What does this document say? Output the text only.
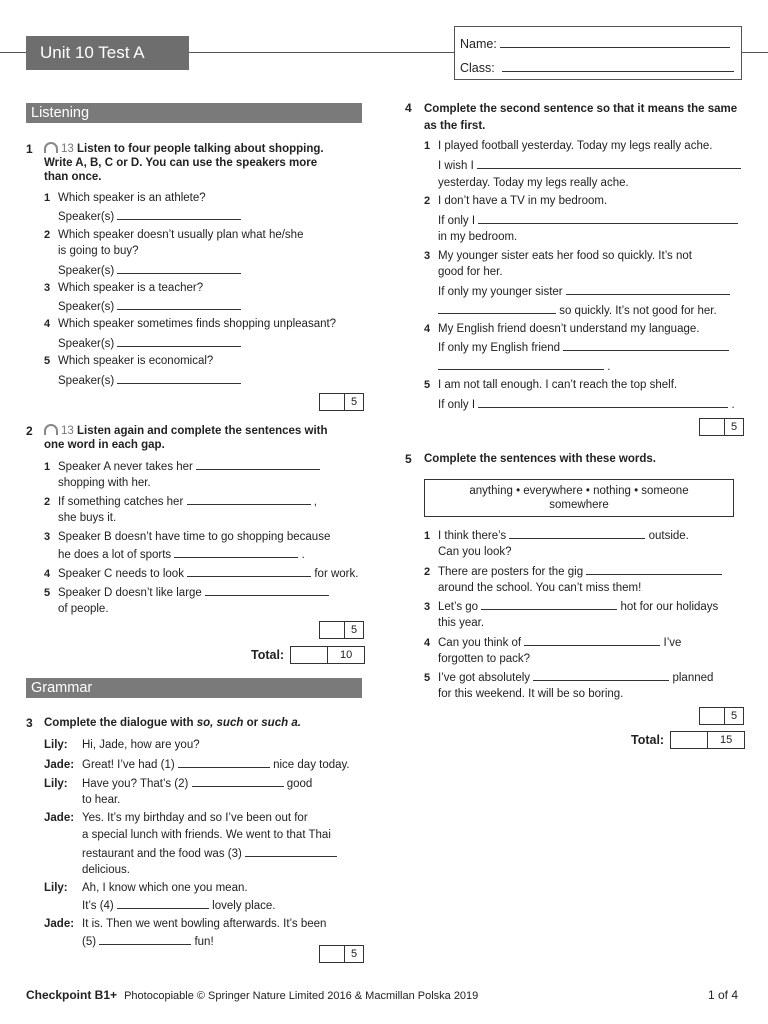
Unit 10 Test A	Name:
Class:
Listening
1	13 Listen to four people talking about shopping. Write A, B, C or D. You can use the speakers more than once.
1 Which speaker is an athlete?
Speaker(s)
2 Which speaker doesn’t usually plan what he/she
is going to buy?
Speaker(s)
3 Which speaker is a teacher?
Speaker(s)
4 Which speaker sometimes finds shopping unpleasant?
Speaker(s)
5 Which speaker is economical?
Speaker(s)
5
2	13 Listen again and complete the sentences with one word in each gap.
1 Speaker A never takes her
shopping with her.
2 If something catches her	,
she buys it.
3 Speaker B doesn’t have time to go shopping because
he does a lot of sports	.
4 Speaker C needs to look	for work.
5 Speaker D doesn’t like large
of people.
5
Total:	10
Grammar
3 Complete the dialogue with so, such or such a.
Lily: Hi, Jade, how are you?
Jade: Great! I’ve had (1)	nice day today.
Lily: Have you? That’s (2)	good
to hear.
Jade: Yes. It’s my birthday and so I’ve been out for
a special lunch with friends. We went to that Thai
restaurant and the food was (3)
delicious.
Lily: Ah, I know which one you mean.
It’s (4)	lovely place.
Jade: It is. Then we went bowling afterwards. It’s been
(5)	fun!
5
4 Complete the second sentence so that it means the same as the first.
1 I played football yesterday. Today my legs really ache.
I wish I
yesterday. Today my legs really ache.
2 I don’t have a TV in my bedroom.
If only I
in my bedroom.
3 My younger sister eats her food so quickly. It’s not
good for her.
If only my younger sister
so quickly. It’s not good for her.
4 My English friend doesn’t understand my language.
If only my English friend
.
5 I am not tall enough. I can’t reach the top shelf.
If only I	.
5
5 Complete the sentences with these words.
anything • everywhere • nothing • someone
somewhere
1 I think there’s	outside.
Can you look?
2 There are posters for the gig
around the school. You can’t miss them!
3 Let’s go	hot for our holidays
this year.
4 Can you think of	I’ve
forgotten to pack?
5 I’ve got absolutely	planned
for this weekend. It will be so boring.
5
Total:	15
Checkpoint B1+ Photocopiable © Springer Nature Limited 2016 & Macmillan Polska 2019	1 of 4
